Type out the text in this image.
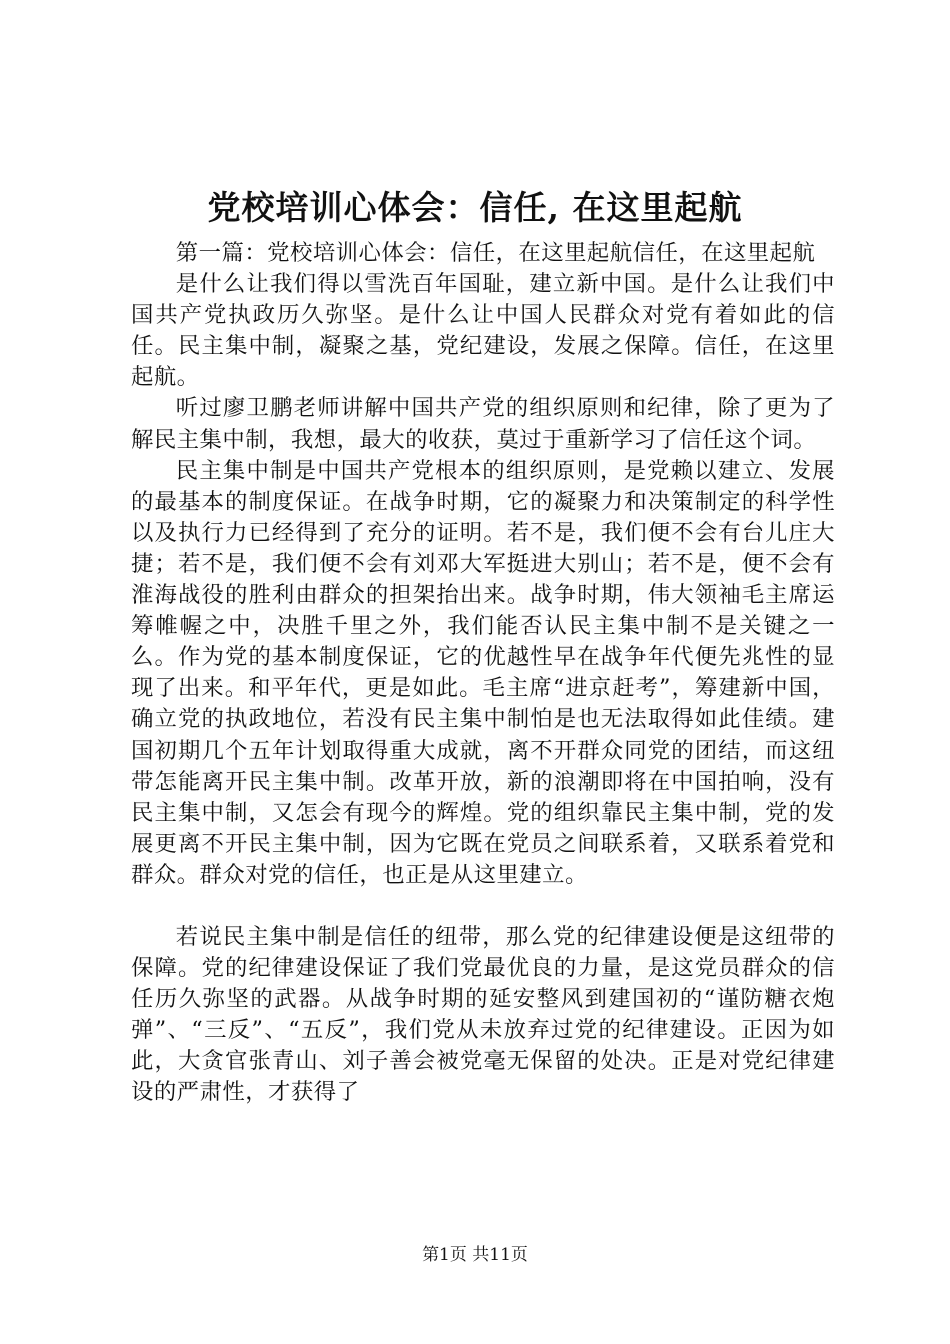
党校培训心体会：信任, 在这里起航

第一篇：党校培训心体会：信任，在这里起航信任，在这里起航

是什么让我们得以雪洗百年国耻，建立新中国。是什么让我们中国共产党执政历久弥坚。是什么让中国人民群众对党有着如此的信任。民主集中制，凝聚之基，党纪建设，发展之保障。信任，在这里起航。

听过廖卫鹏老师讲解中国共产党的组织原则和纪律，除了更为了解民主集中制，我想，最大的收获，莫过于重新学习了信任这个词。

民主集中制是中国共产党根本的组织原则，是党赖以建立、发展的最基本的制度保证。在战争时期，它的凝聚力和决策制定的科学性以及执行力已经得到了充分的证明。若不是，我们便不会有台儿庄大捷；若不是，我们便不会有刘邓大军挺进大别山；若不是，便不会有淮海战役的胜利由群众的担架抬出来。战争时期，伟大领袖毛主席运筹帷幄之中，决胜千里之外，我们能否认民主集中制不是关键之一么。作为党的基本制度保证，它的优越性早在战争年代便先兆性的显现了出来。和平年代，更是如此。毛主席“进京赶考”，筹建新中国，确立党的执政地位，若没有民主集中制怕是也无法取得如此佳绩。建国初期几个五年计划取得重大成就，离不开群众同党的团结，而这纽带怎能离开民主集中制。改革开放，新的浪潮即将在中国拍响，没有民主集中制，又怎会有现今的辉煌。党的组织靠民主集中制，党的发展更离不开民主集中制，因为它既在党员之间联系着，又联系着党和群众。群众对党的信任，也正是从这里建立。

若说民主集中制是信任的纽带，那么党的纪律建设便是这纽带的保障。党的纪律建设保证了我们党最优良的力量，是这党员群众的信任历久弥坚的武器。从战争时期的延安整风到建国初的“谨防糖衣炮弹”、“三反”、“五反”，我们党从未放弃过党的纪律建设。正因为如此，大贪官张青山、刘子善会被党毫无保留的处决。正是对党纪律建设的严肃性，才获得了

第1页 共11页
